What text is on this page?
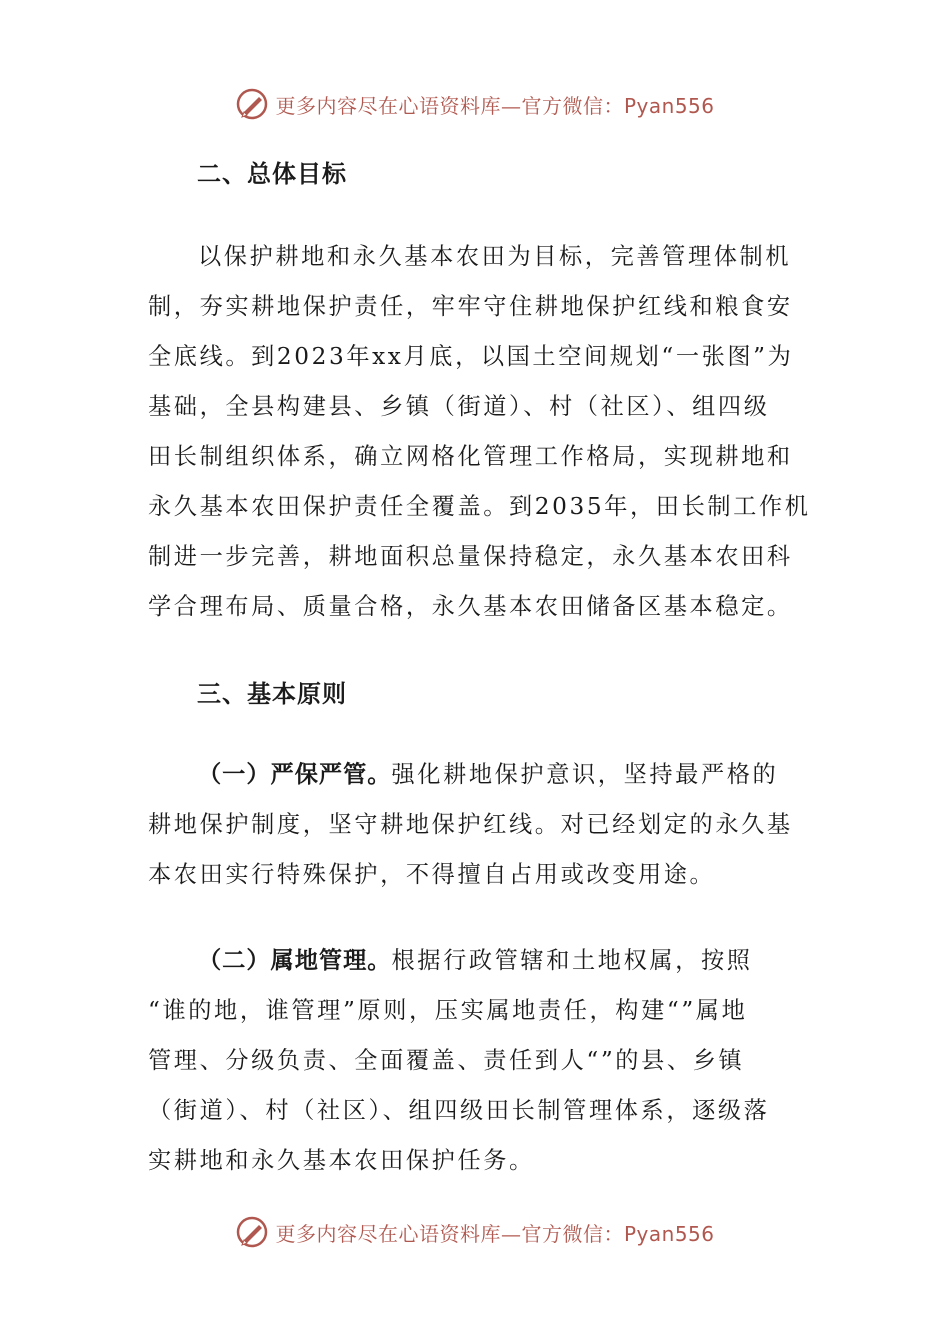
更多内容尽在心语资料库—官方微信：Pyan556
二、总体目标
以保护耕地和永久基本农田为目标，完善管理体制机
制，夯实耕地保护责任，牢牢守住耕地保护红线和粮食安
全底线。到2023年xx月底，以国土空间规划“一张图”为
基础，全县构建县、乡镇（街道）、村（社区）、组四级
田长制组织体系，确立网格化管理工作格局，实现耕地和
永久基本农田保护责任全覆盖。到2035年，田长制工作机
制进一步完善，耕地面积总量保持稳定，永久基本农田科
学合理布局、质量合格，永久基本农田储备区基本稳定。
三、基本原则
（一）严保严管。强化耕地保护意识，坚持最严格的
耕地保护制度，坚守耕地保护红线。对已经划定的永久基
本农田实行特殊保护，不得擅自占用或改变用途。
（二）属地管理。根据行政管辖和土地权属，按照
“谁的地，谁管理”原则，压实属地责任，构建“”属地
管理、分级负责、全面覆盖、责任到人“”的县、乡镇
（街道）、村（社区）、组四级田长制管理体系，逐级落
实耕地和永久基本农田保护任务。
更多内容尽在心语资料库—官方微信：Pyan556
